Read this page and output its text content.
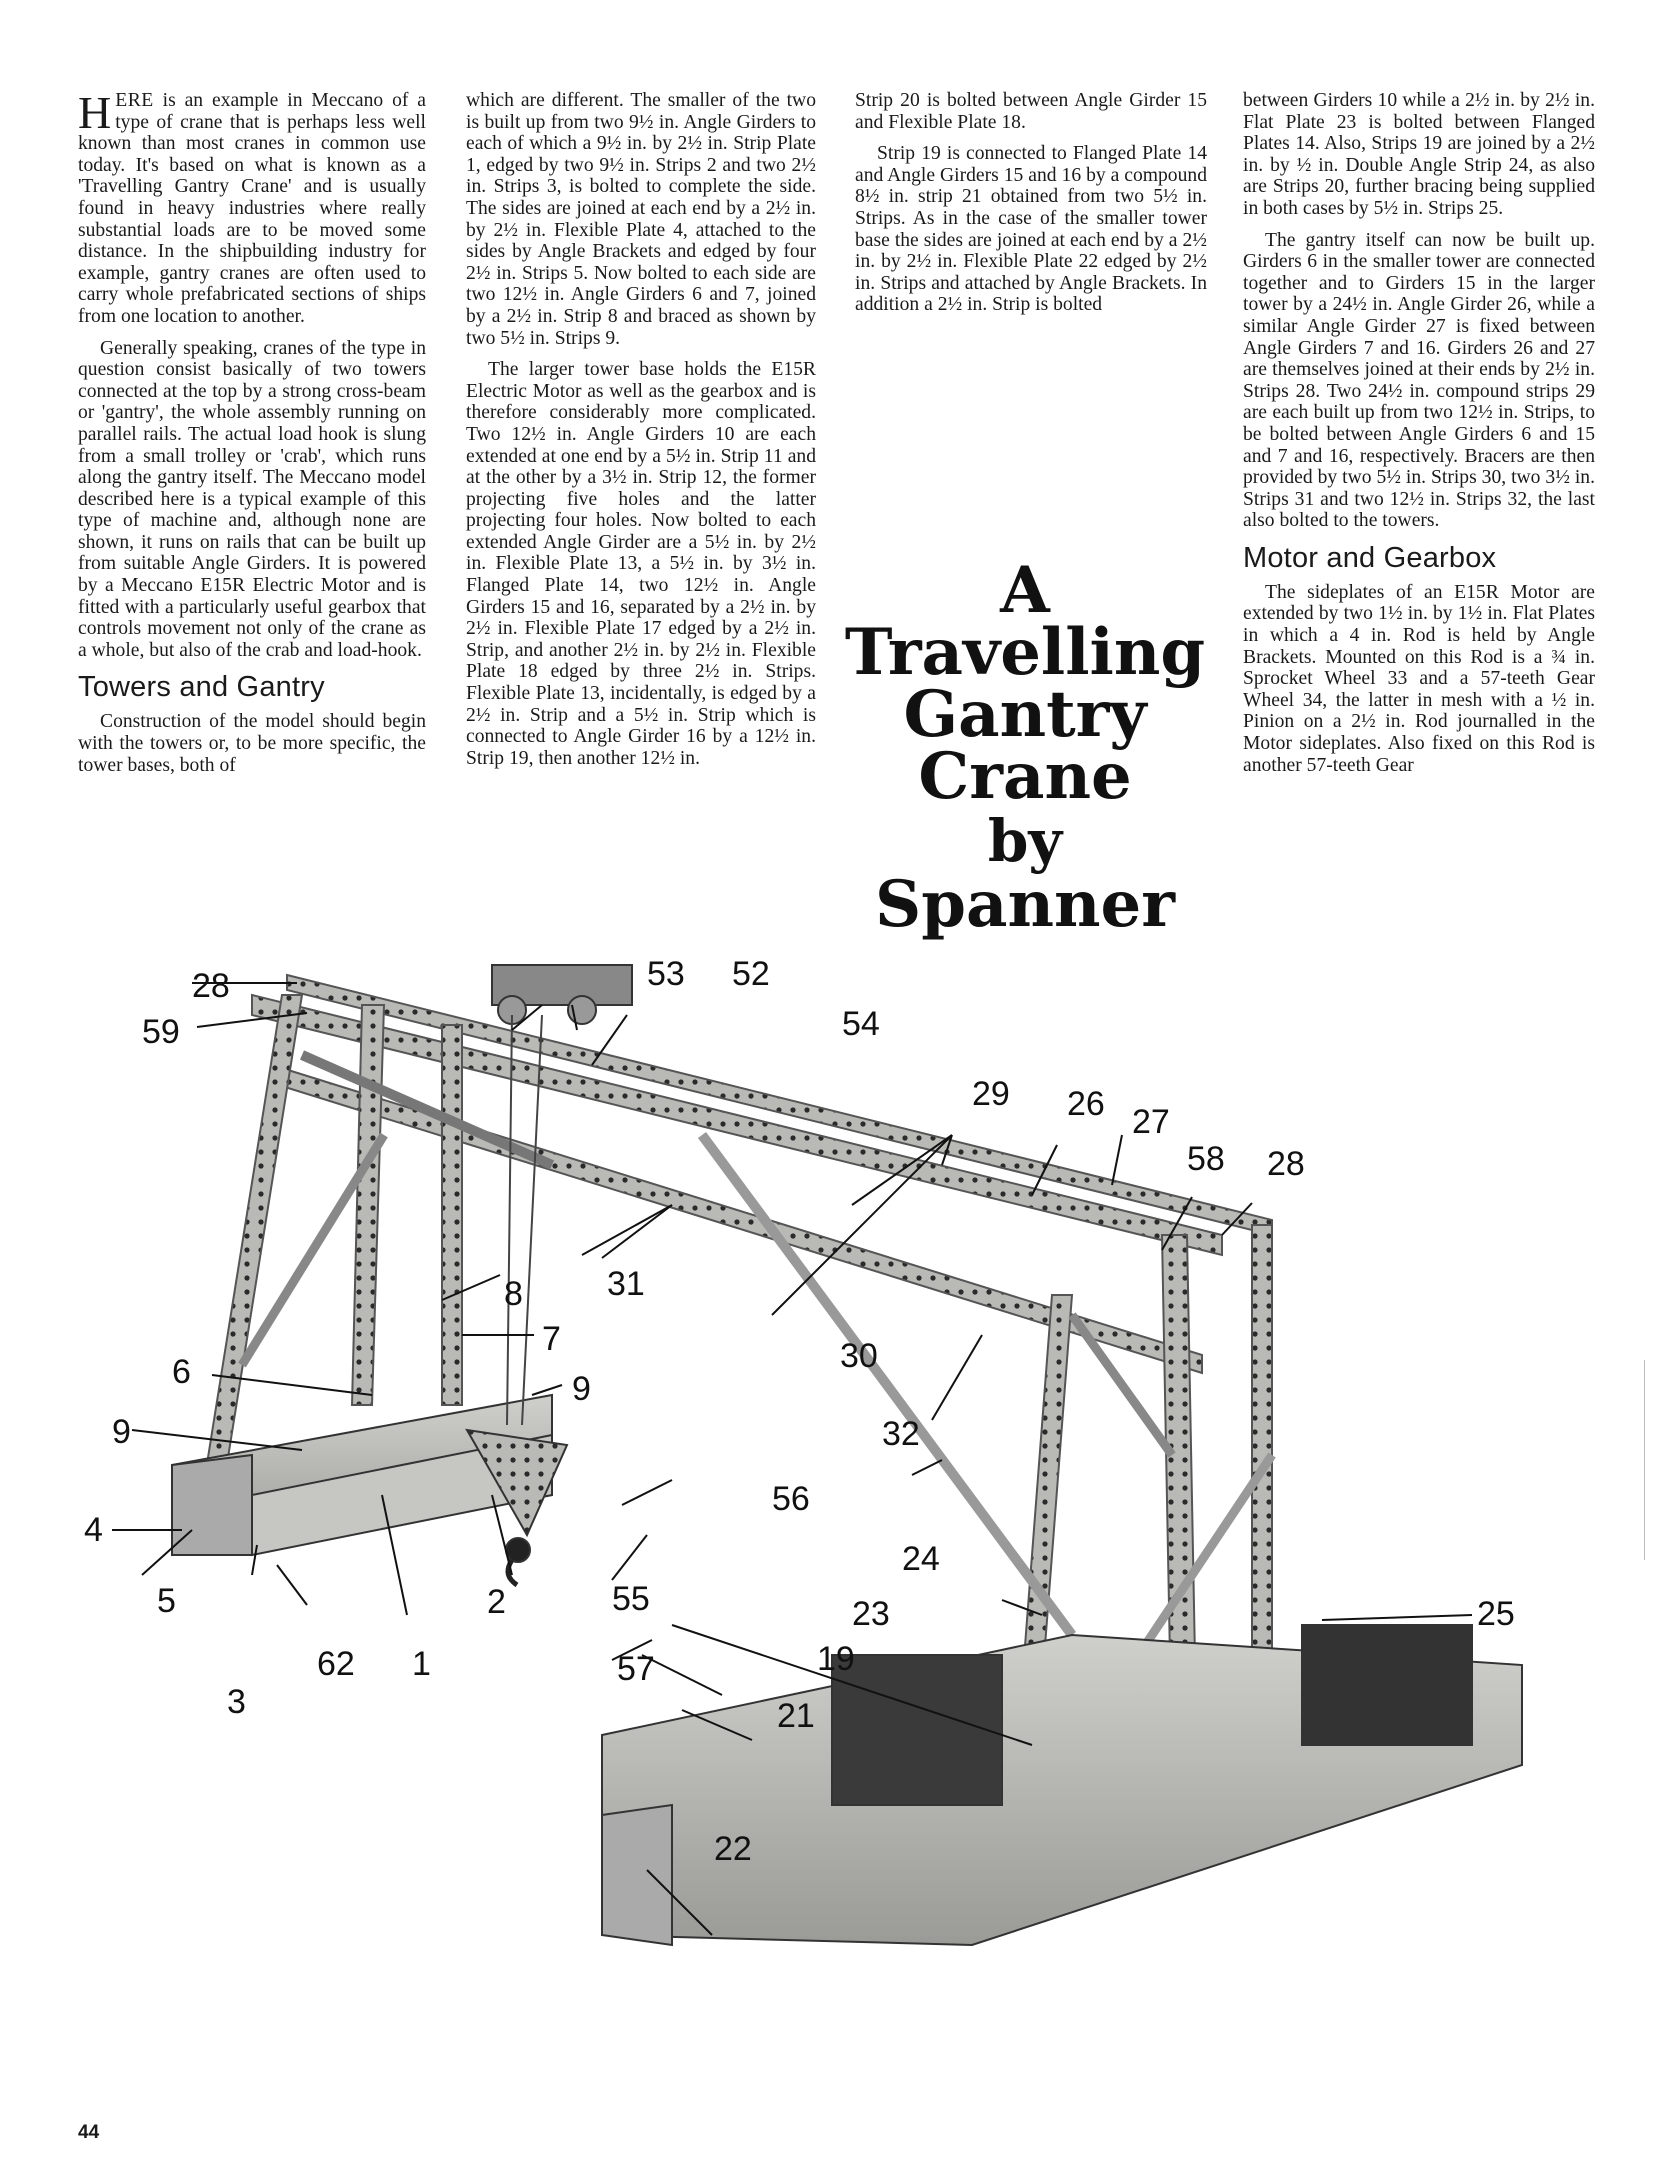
HERE is an example in Meccano of a type of crane that is perhaps less well known than most cranes in common use today. It's based on what is known as a 'Travelling Gantry Crane' and is usually found in heavy industries where really substantial loads are to be moved some distance. In the shipbuilding industry for example, gantry cranes are often used to carry whole prefabricated sections of ships from one location to another.

Generally speaking, cranes of the type in question consist basically of two towers connected at the top by a strong cross-beam or 'gantry', the whole assembly running on parallel rails. The actual load hook is slung from a small trolley or 'crab', which runs along the gantry itself. The Meccano model described here is a typical example of this type of machine and, although none are shown, it runs on rails that can be built up from suitable Angle Girders. It is powered by a Meccano E15R Electric Motor and is fitted with a particularly useful gearbox that controls movement not only of the crane as a whole, but also of the crab and load-hook.

Towers and Gantry

Construction of the model should begin with the towers or, to be more specific, the tower bases, both of

which are different. The smaller of the two is built up from two 9½ in. Angle Girders to each of which a 9½ in. by 2½ in. Strip Plate 1, edged by two 9½ in. Strips 2 and two 2½ in. Strips 3, is bolted to complete the side. The sides are joined at each end by a 2½ in. by 2½ in. Flexible Plate 4, attached to the sides by Angle Brackets and edged by four 2½ in. Strips 5. Now bolted to each side are two 12½ in. Angle Girders 6 and 7, joined by a 2½ in. Strip 8 and braced as shown by two 5½ in. Strips 9.

The larger tower base holds the E15R Electric Motor as well as the gearbox and is therefore considerably more complicated. Two 12½ in. Angle Girders 10 are each extended at one end by a 5½ in. Strip 11 and at the other by a 3½ in. Strip 12, the former projecting five holes and the latter projecting four holes. Now bolted to each extended Angle Girder are a 5½ in. by 2½ in. Flexible Plate 13, a 5½ in. by 3½ in. Flanged Plate 14, two 12½ in. Angle Girders 15 and 16, separated by a 2½ in. by 2½ in. Flexible Plate 17 edged by a 2½ in. Strip, and another 2½ in. by 2½ in. Flexible Plate 18 edged by three 2½ in. Strips. Flexible Plate 13, incidentally, is edged by a 2½ in. Strip and a 5½ in. Strip which is connected to Angle Girder 16 by a 12½ in. Strip 19, then another 12½ in.

Strip 20 is bolted between Angle Girder 15 and Flexible Plate 18.

Strip 19 is connected to Flanged Plate 14 and Angle Girders 15 and 16 by a compound 8½ in. strip 21 obtained from two 5½ in. Strips. As in the case of the smaller tower base the sides are joined at each end by a 2½ in. by 2½ in. Flexible Plate 22 edged by 2½ in. Strips and attached by Angle Brackets. In addition a 2½ in. Strip is bolted

A
Travelling
Gantry
Crane
by
Spanner

between Girders 10 while a 2½ in. by 2½ in. Flat Plate 23 is bolted between Flanged Plates 14. Also, Strips 19 are joined by a 2½ in. by ½ in. Double Angle Strip 24, as also are Strips 20, further bracing being supplied in both cases by 5½ in. Strips 25.

The gantry itself can now be built up. Girders 6 in the smaller tower are connected together and to Girders 15 in the larger tower by a 24½ in. Angle Girder 26, while a similar Angle Girder 27 is fixed between Angle Girders 7 and 16. Girders 26 and 27 are themselves joined at their ends by 2½ in. Strips 28. Two 24½ in. compound strips 29 are each built up from two 12½ in. Strips, to be bolted between Angle Girders 6 and 15 and 7 and 16, respectively. Bracers are then provided by two 5½ in. Strips 30, two 3½ in. Strips 31 and two 12½ in. Strips 32, the last also bolted to the towers.

Motor and Gearbox

The sideplates of an E15R Motor are extended by two 1½ in. by 1½ in. Flat Plates in which a 4 in. Rod is held by Angle Brackets. Mounted on this Rod is a ¾ in. Sprocket Wheel 33 and a 57-teeth Gear Wheel 34, the latter in mesh with a ½ in. Pinion on a 2½ in. Rod journalled in the Motor sideplates. Also fixed on this Rod is another 57-teeth Gear

28
59
53 52
54
29 26 27
58 28
8 31
7
6	9
30
32
9
4
56
24
25
5
3
62 1
2	55	23
57	19
21
22
44
